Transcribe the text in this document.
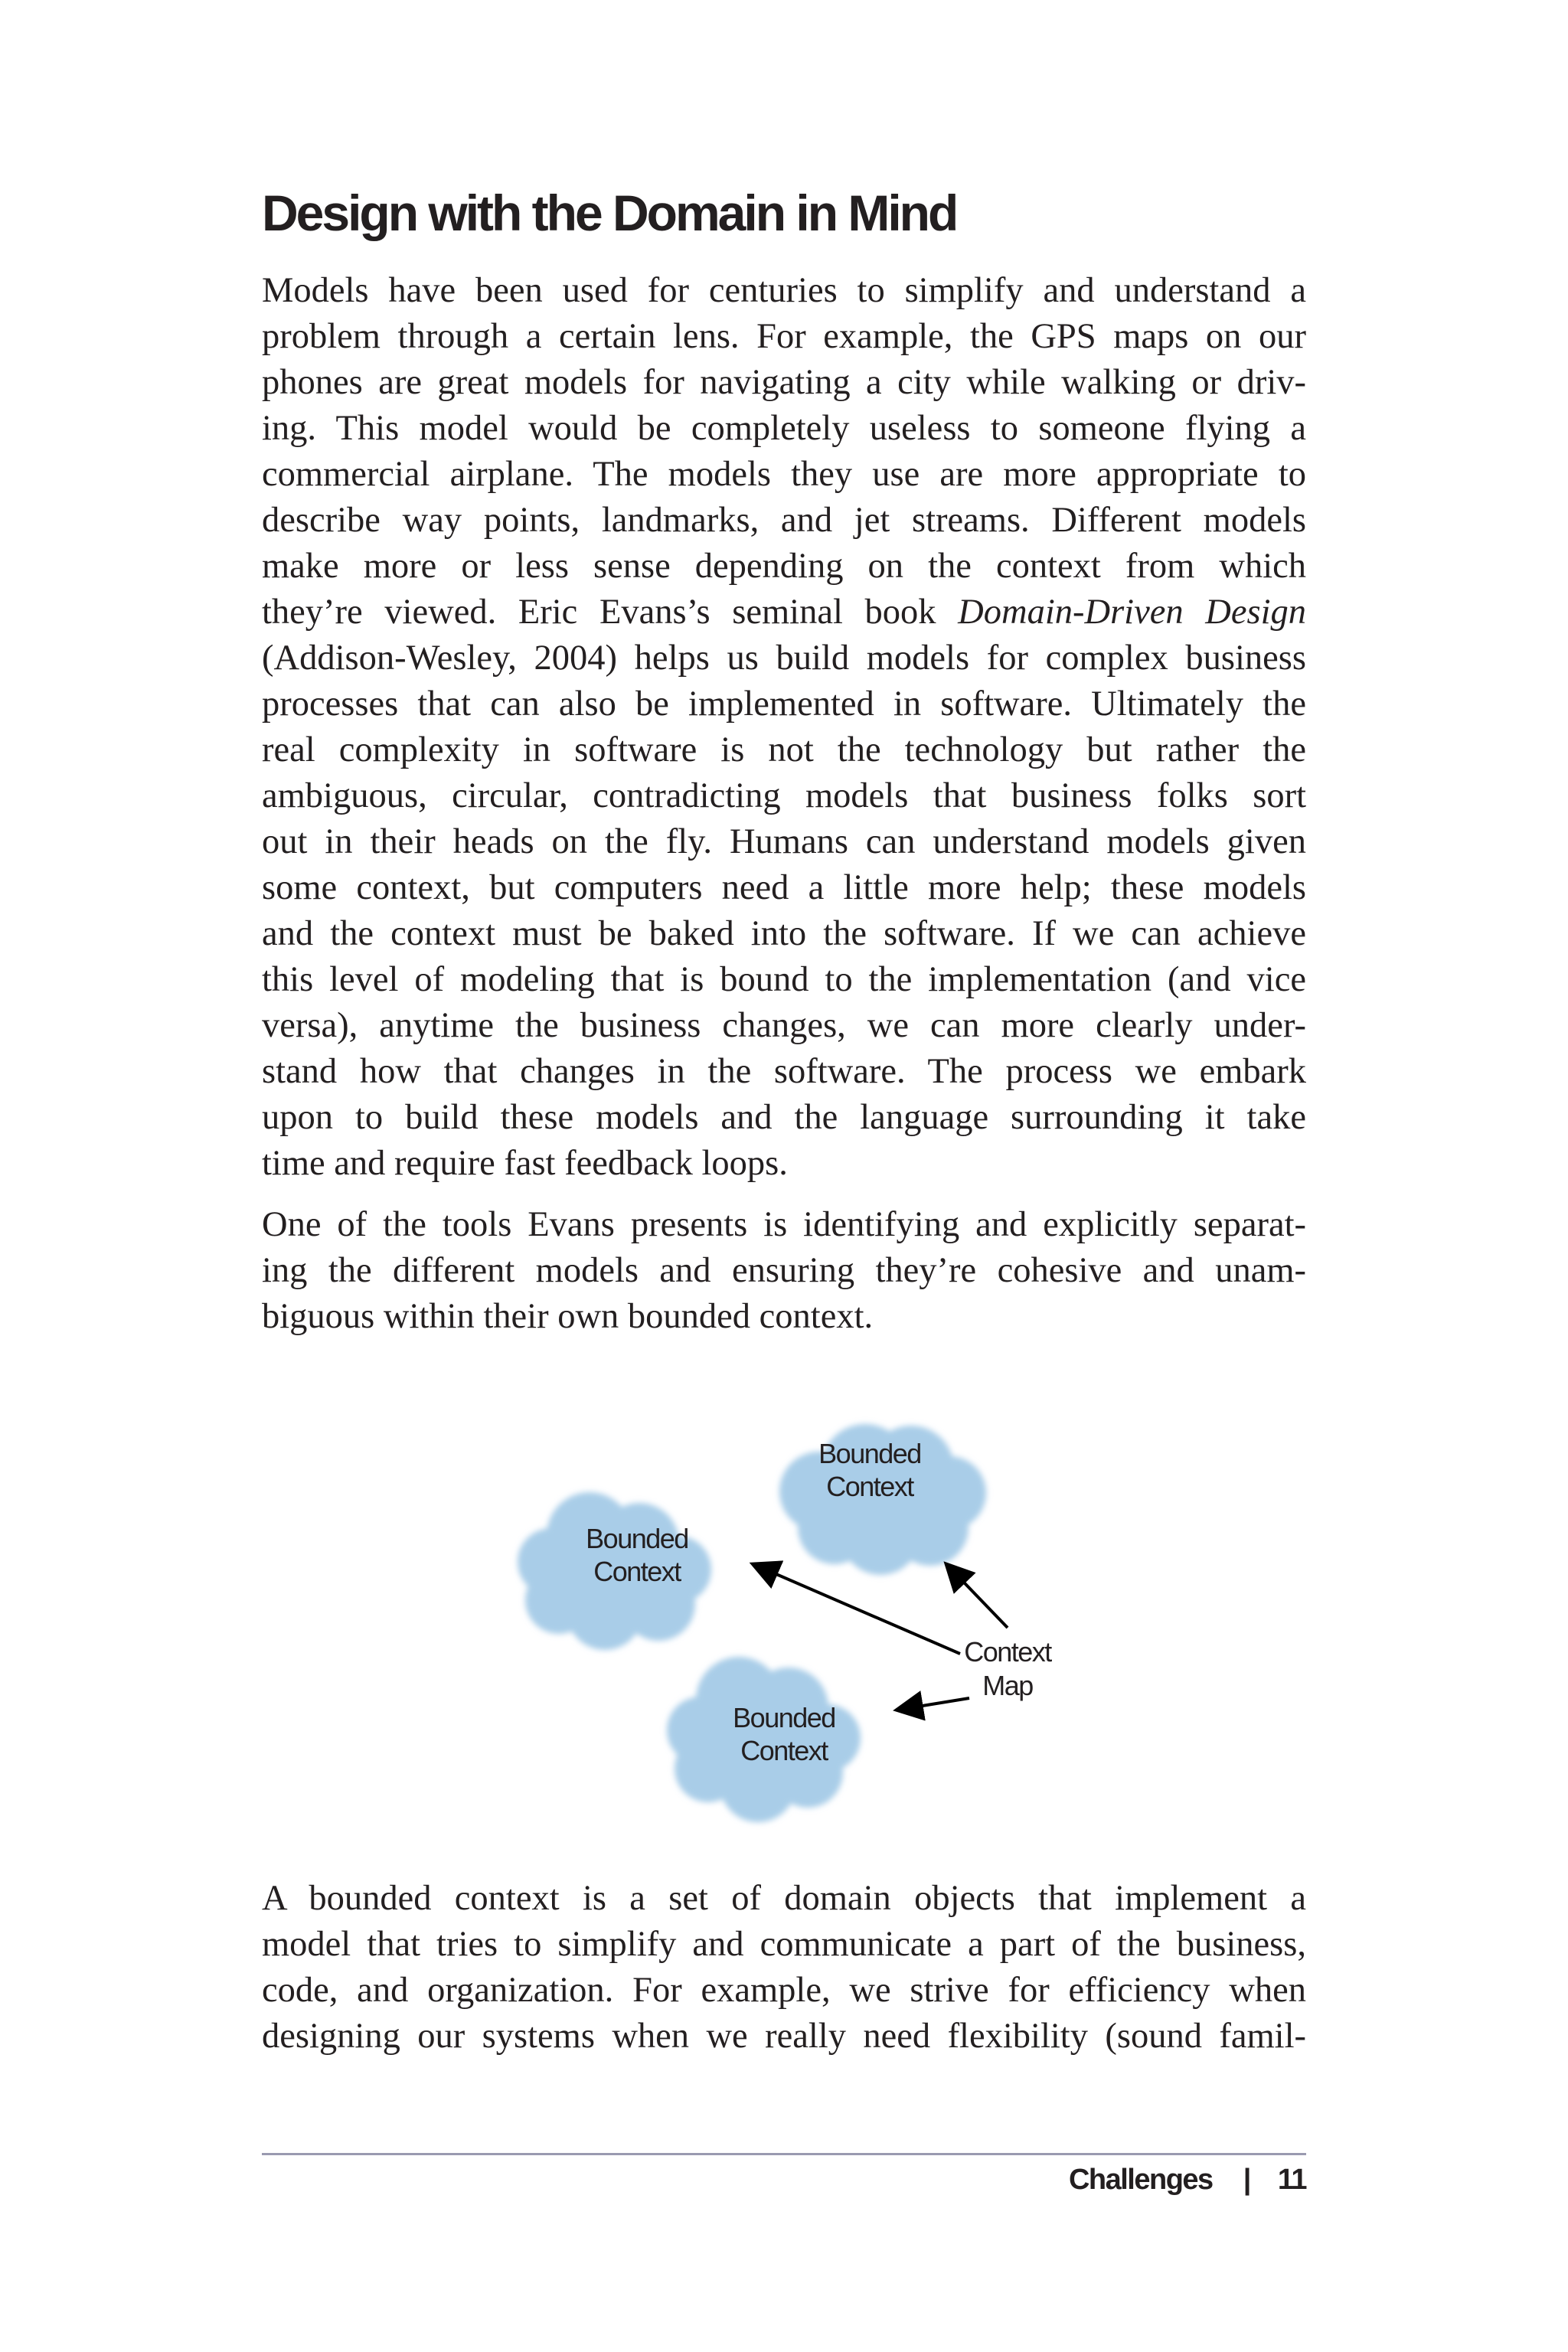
Design with the Domain in Mind
Models have been used for centuries to simplify and understand a
problem through a certain lens. For example, the GPS maps on our
phones are great models for navigating a city while walking or driv-
ing. This model would be completely useless to someone flying a
commercial airplane. The models they use are more appropriate to
describe way points, landmarks, and jet streams. Different models
make more or less sense depending on the context from which
they’re viewed. Eric Evans’s seminal book Domain-Driven Design
(Addison-Wesley, 2004) helps us build models for complex business
processes that can also be implemented in software. Ultimately the
real complexity in software is not the technology but rather the
ambiguous, circular, contradicting models that business folks sort
out in their heads on the fly. Humans can understand models given
some context, but computers need a little more help; these models
and the context must be baked into the software. If we can achieve
this level of modeling that is bound to the implementation (and vice
versa), anytime the business changes, we can more clearly under-
stand how that changes in the software. The process we embark
upon to build these models and the language surrounding it take
time and require fast feedback loops.
One of the tools Evans presents is identifying and explicitly separat-
ing the different models and ensuring they’re cohesive and unam-
biguous within their own bounded context.
Bounded
Context
Bounded
Context
Bounded
Context
Context
Map
A bounded context is a set of domain objects that implement a
model that tries to simplify and communicate a part of the business,
code, and organization. For example, we strive for efficiency when
designing our systems when we really need flexibility (sound famil-
Challenges | 11
